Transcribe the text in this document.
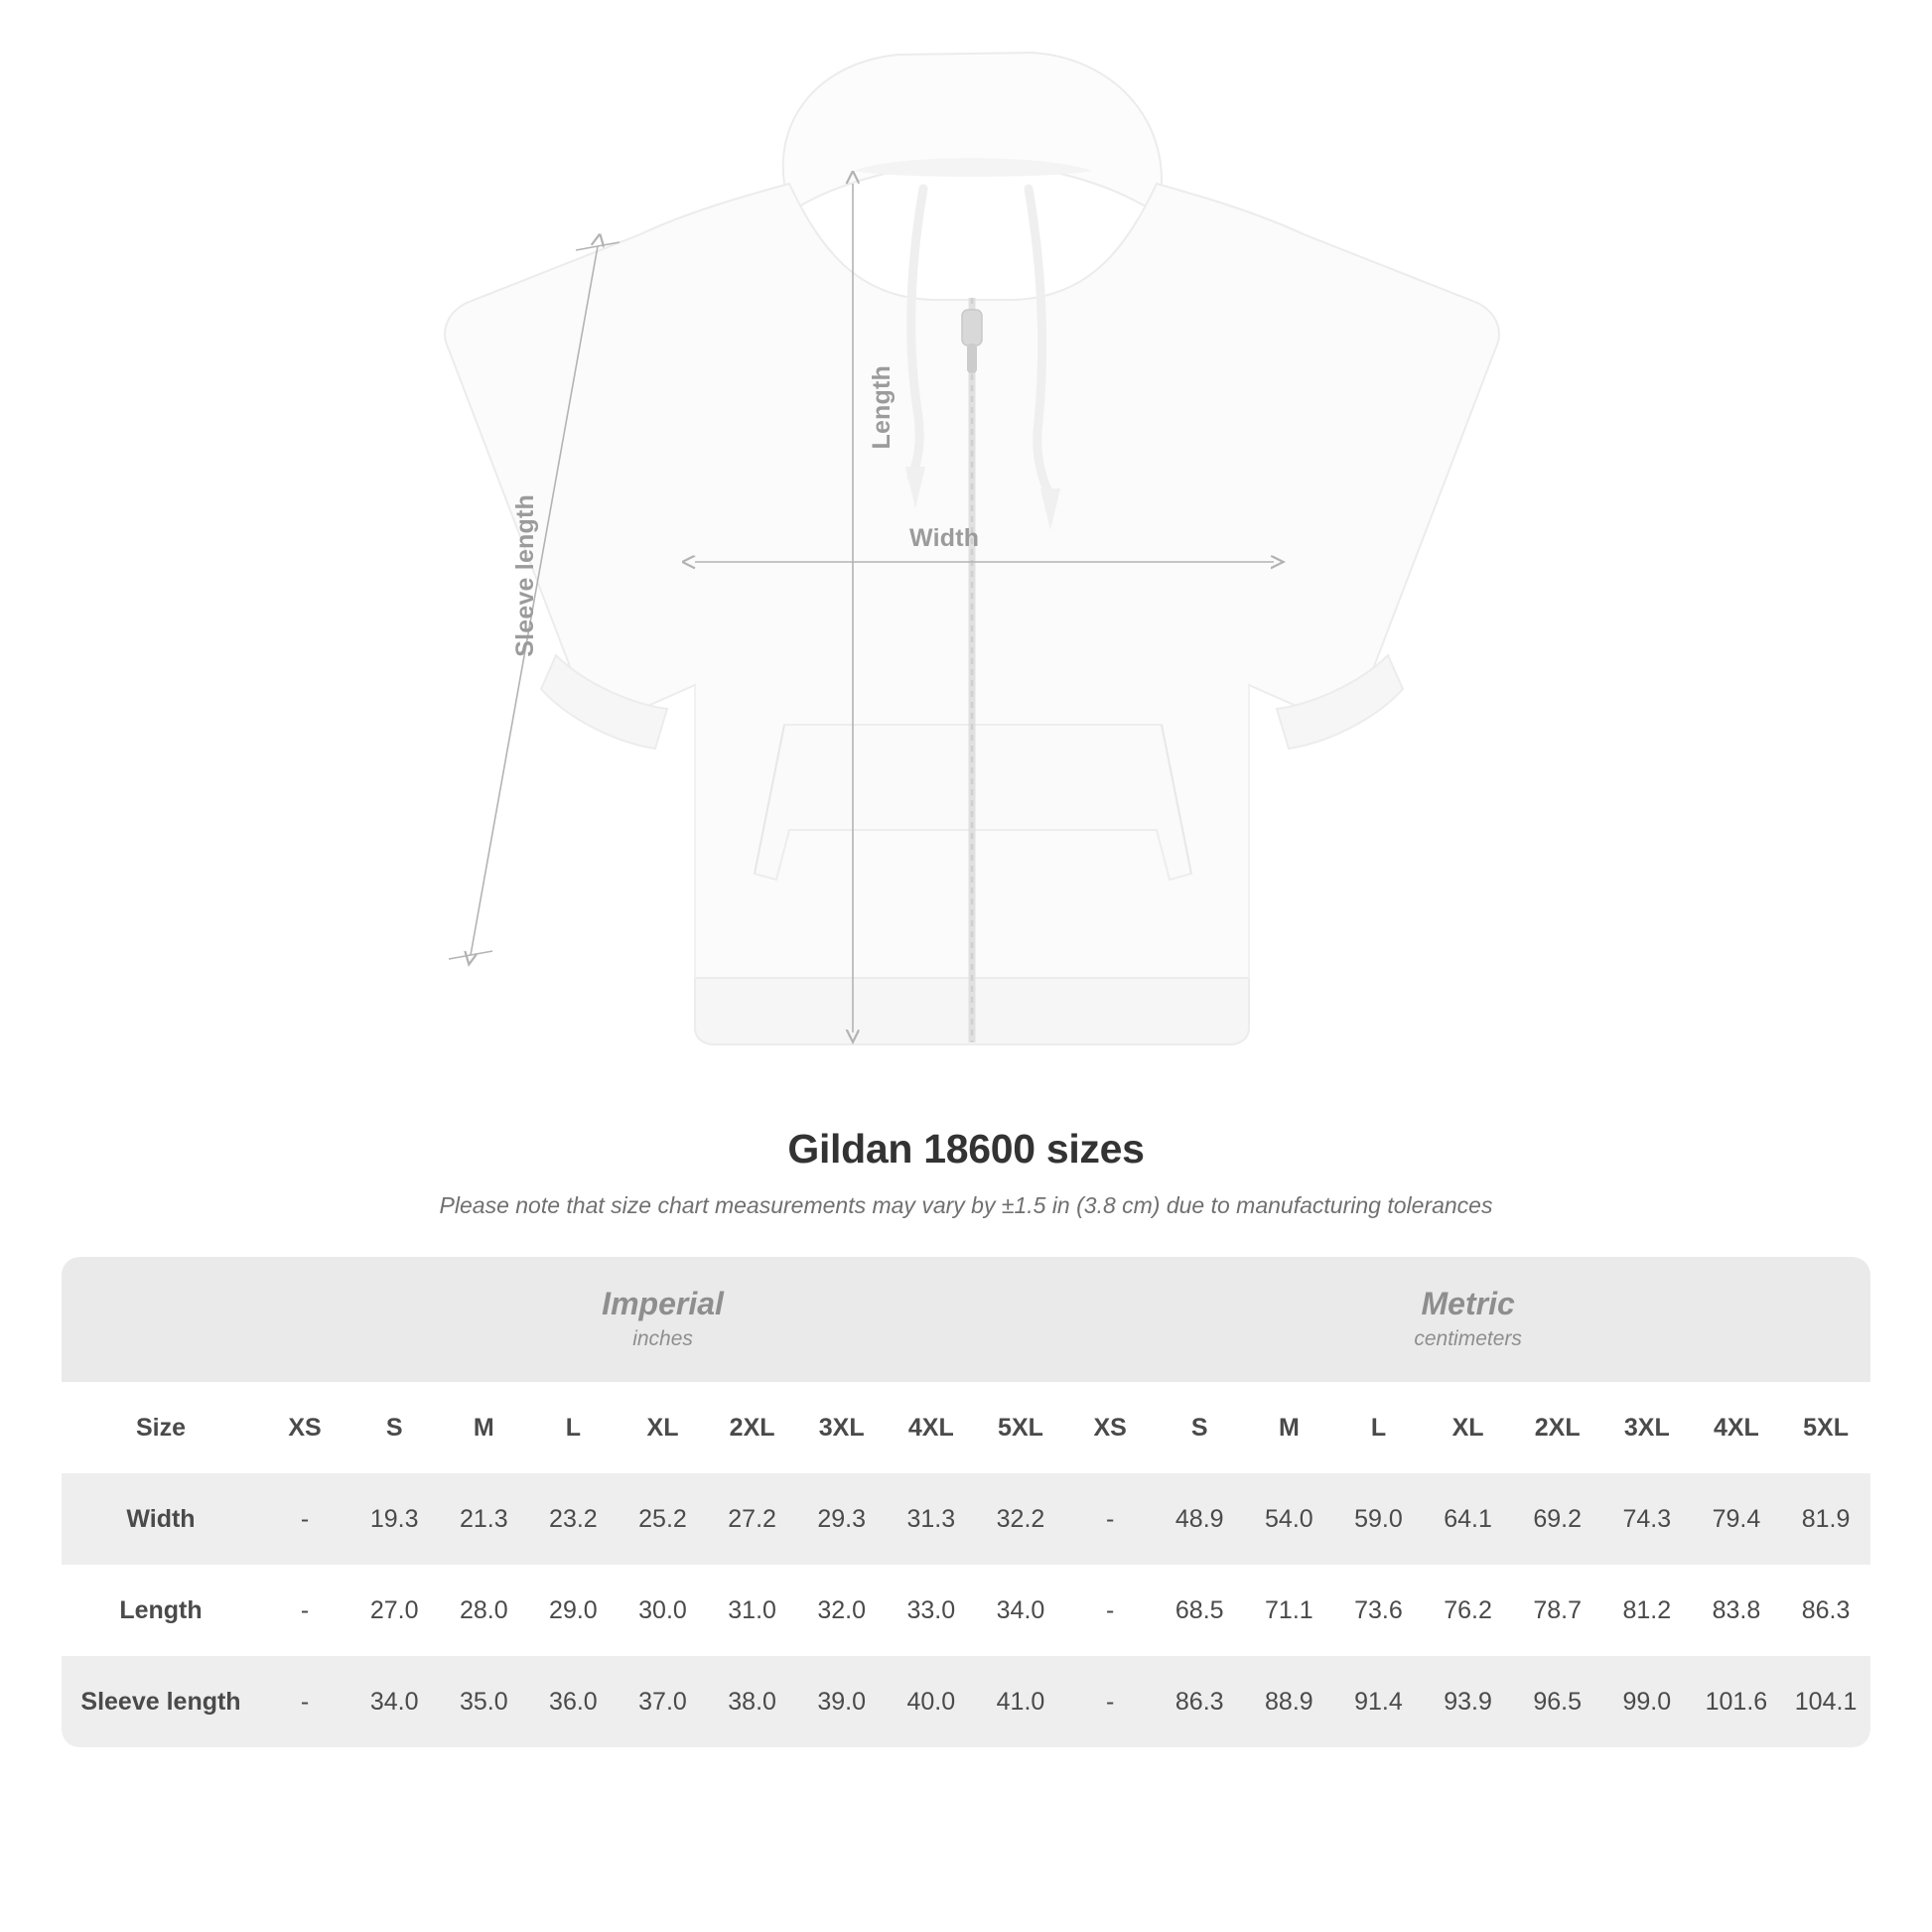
Length
Sleeve length	Width
Gildan 18600 sizes
Please note that size chart measurements may vary by ±1.5 in (3.8 cm) due to manufacturing tolerances

Imperial
inches

Metric
centimeters

Size	XS	S	M	L	XL	2XL	3XL	4XL	5XL	XS	S	M	L	XL	2XL	3XL	4XL	5XL
Width	-	19.3	21.3	23.2	25.2	27.2	29.3	31.3	32.2	-	48.9	54.0	59.0	64.1	69.2	74.3	79.4	81.9
Length	-	27.0	28.0	29.0	30.0	31.0	32.0	33.0	34.0	-	68.5	71.1	73.6	76.2	78.7	81.2	83.8	86.3
Sleeve length	-	34.0	35.0	36.0	37.0	38.0	39.0	40.0	41.0	-	86.3	88.9	91.4	93.9	96.5	99.0	101.6	104.1
